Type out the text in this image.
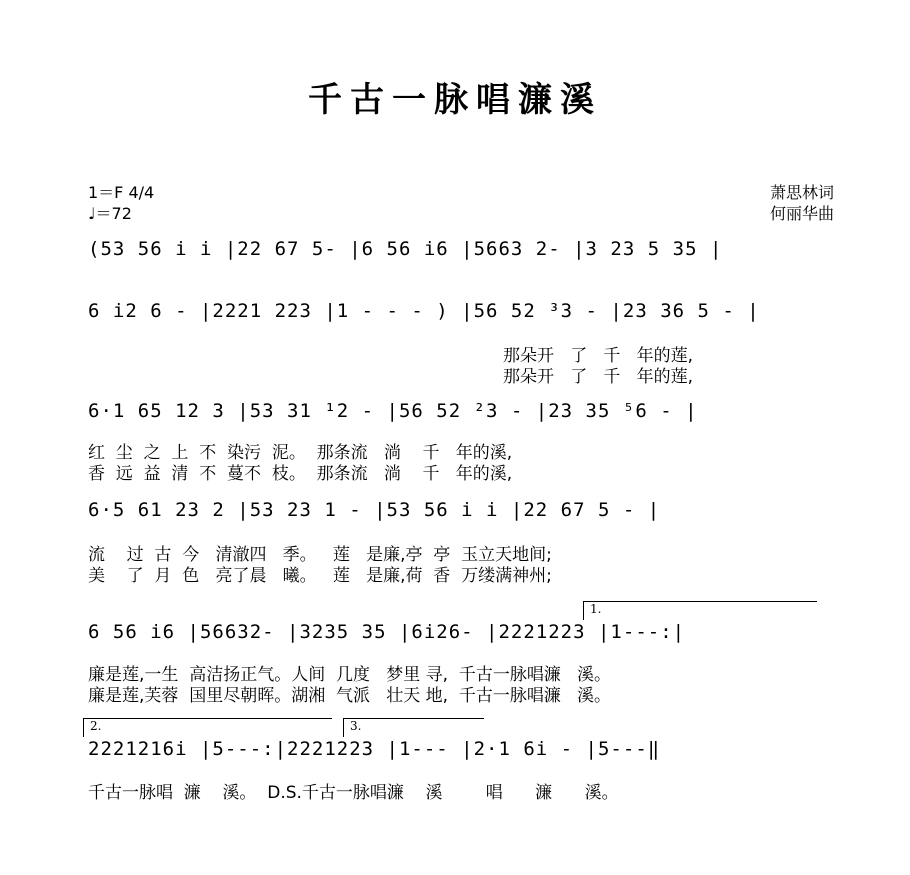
千古一脉唱濂溪
1＝F 4/4
♩＝72
萧思林词
何丽华曲
(53 56 i i |22 67 5- |6 56 i6 |5663 2- |3 23 5 35 |
6 i2 6 - |2221 223 |1 - - - ) |56 52 ³3 - |23 36 5 - |
那朵开   了   千   年的莲,
那朵开   了   千   年的莲,
6·1 65 12 3 |53 31 ¹2 - |56 52 ²3 - |23 35 ⁵6 - |
红  尘  之  上  不  染污  泥。  那条流   淌    千   年的溪,
香  远  益  清  不  蔓不  枝。  那条流   淌    千   年的溪,
6·5 61 23 2 |53 23 1 - |53 56 i i |22 67 5 - |
流    过  古  今   清澈四   季。   莲   是廉,亭  亭  玉立天地间;
美    了  月  色   亮了晨   曦。   莲   是廉,荷  香  万缕满神州;
1.
6 56 i6 |56632- |3235 35 |6i26- |2221223 |1---:|
廉是莲,一生  高洁扬正气。人间  几度   梦里 寻,  千古一脉唱濂   溪。
廉是莲,芙蓉  国里尽朝晖。湖湘  气派   壮天 地,  千古一脉唱濂   溪。
2.	3.
2221216i |5---:|2221223 |1--- |2·1 6i - |5---‖
千古一脉唱  濂    溪。  D.S.千古一脉唱濂    溪        唱      濂      溪。
